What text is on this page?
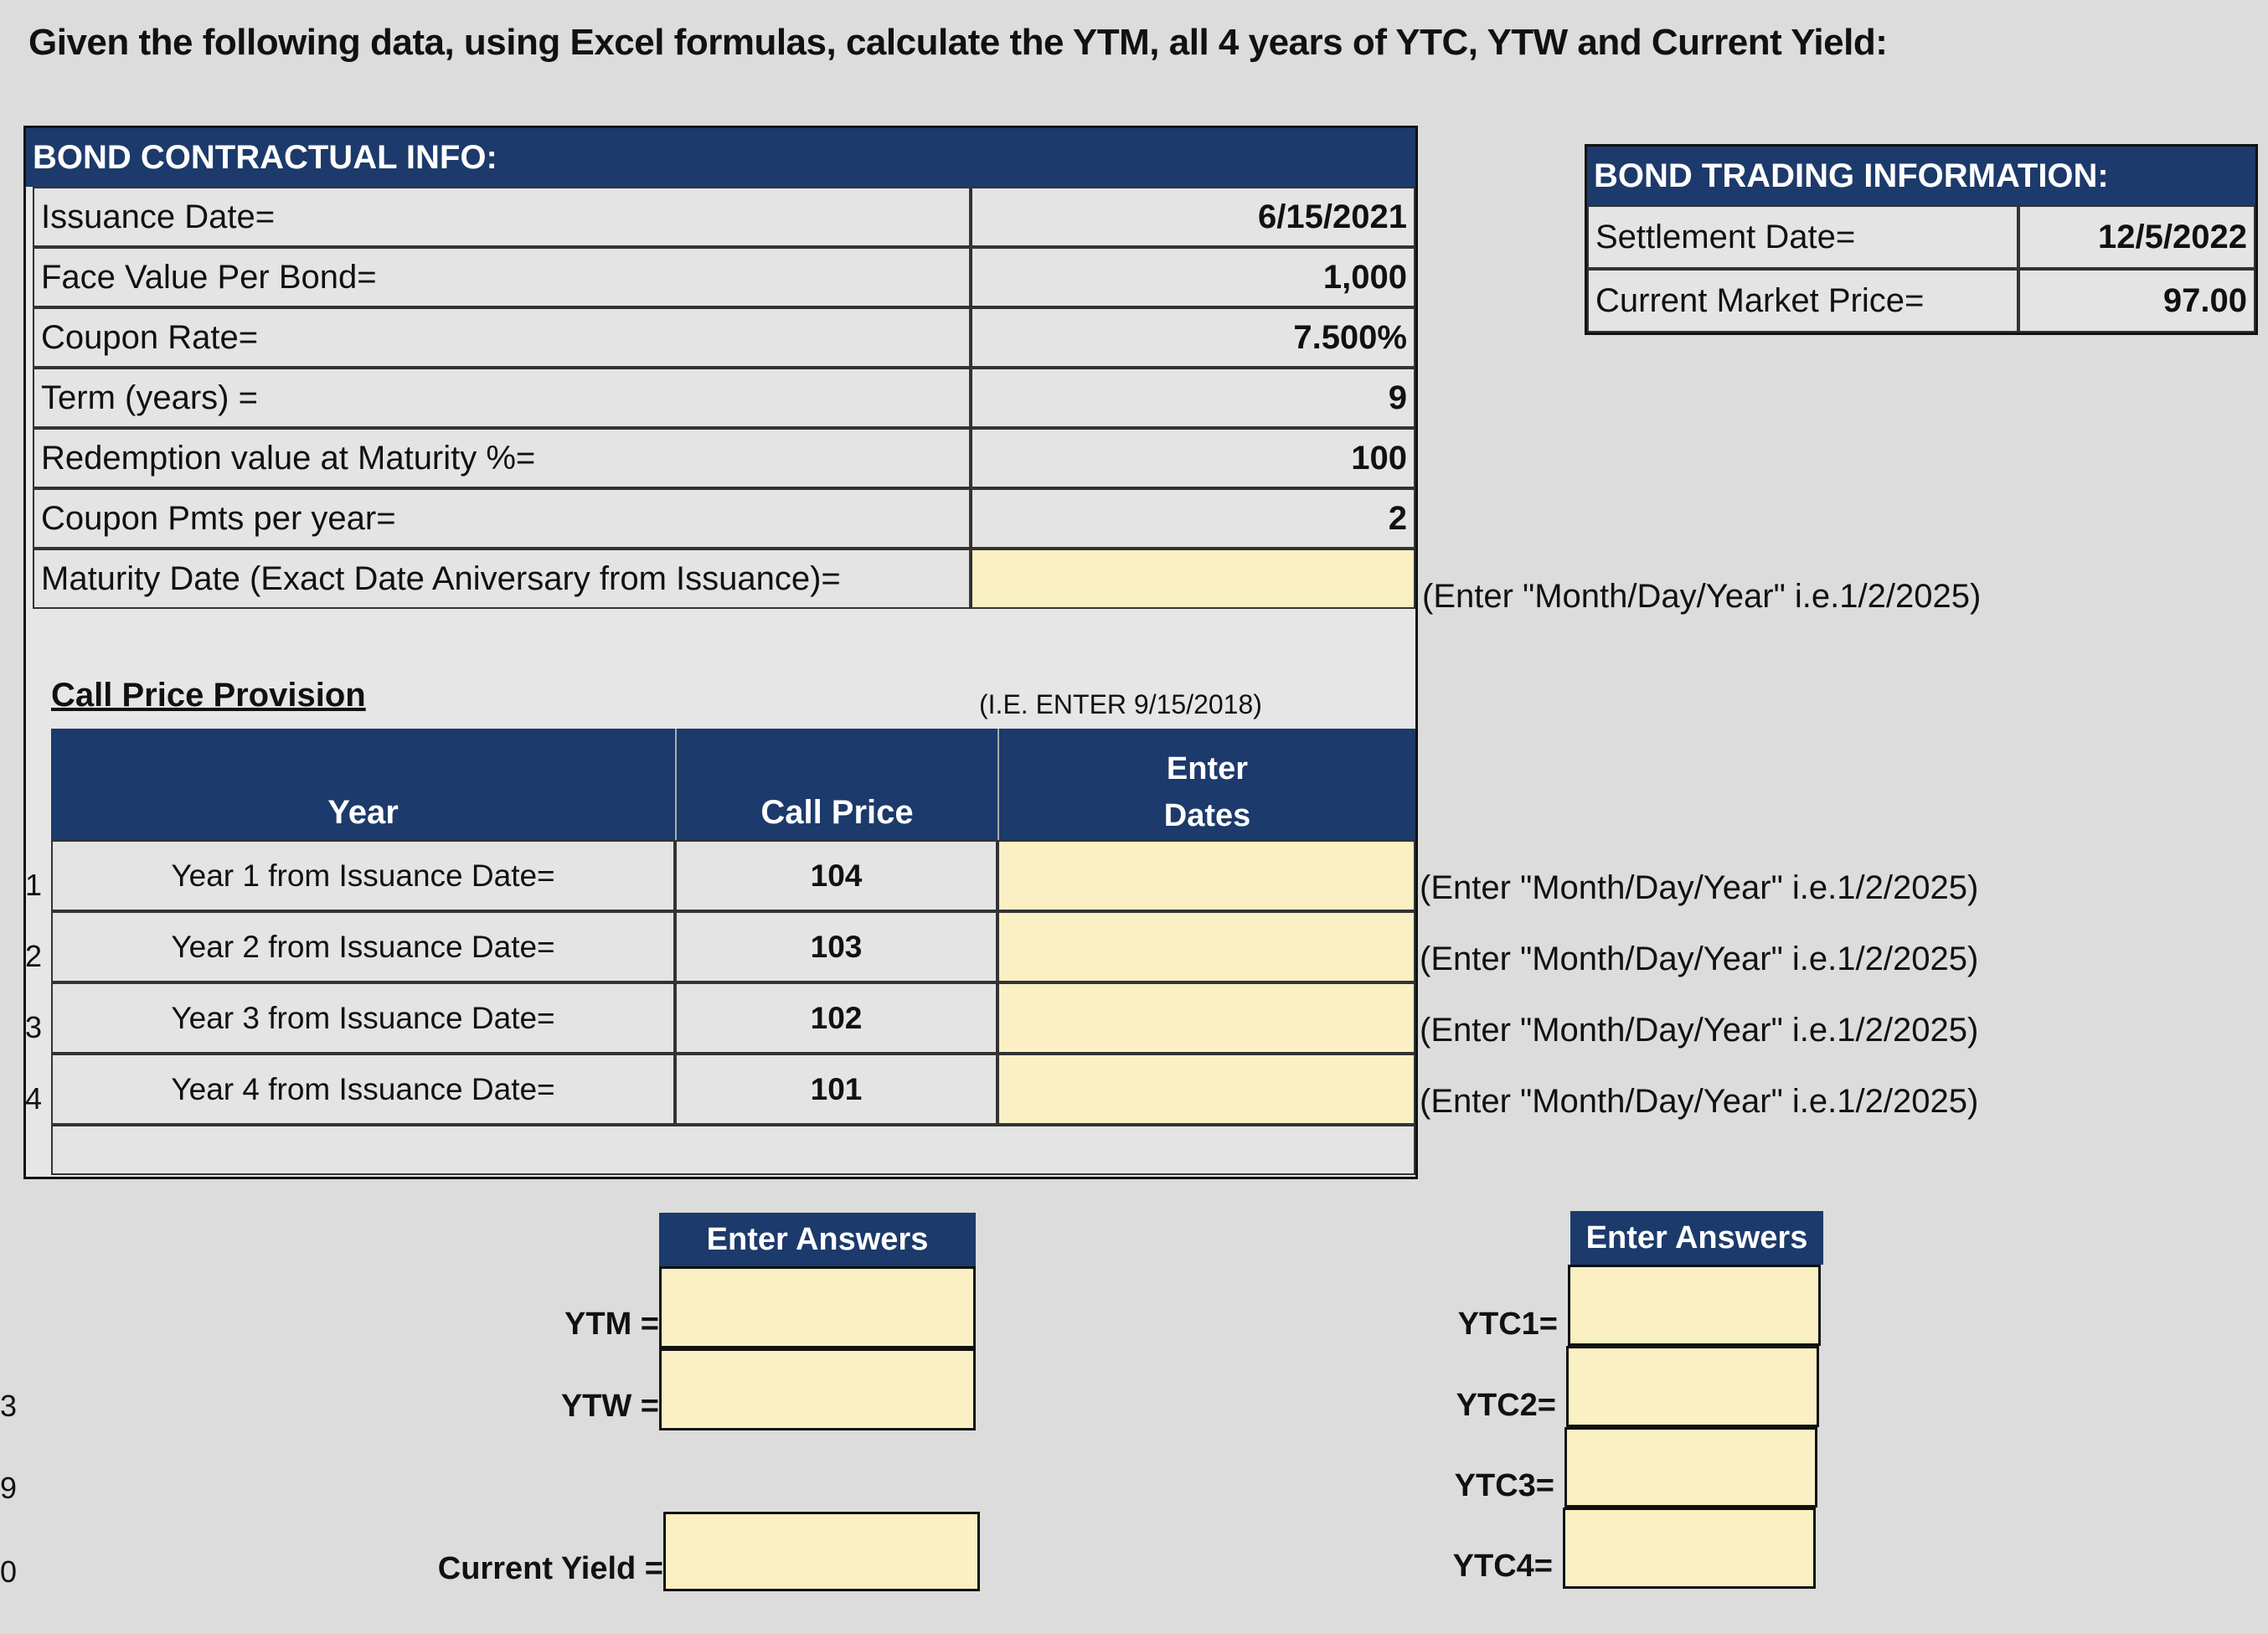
Given the following data, using Excel formulas, calculate the YTM, all 4 years of YTC, YTW and Current Yield:
3
9
0
BOND CONTRACTUAL INFO:
Issuance Date=	6/15/2021
Face Value Per Bond=	1,000
Coupon Rate=	7.500%
Term (years) =	9
Redemption value at Maturity %=	100
Coupon Pmts per year=	2
Maturity Date (Exact Date Aniversary from Issuance)=
Call Price Provision	(I.E. ENTER 9/15/2018)
Year	Call Price
Enter
Dates
Year 1 from Issuance Date=	104
Year 2 from Issuance Date=	103
Year 3 from Issuance Date=	102
Year 4 from Issuance Date=	101
1
2
3
4
(Enter "Month/Day/Year" i.e.1/2/2025)
(Enter "Month/Day/Year" i.e.1/2/2025)
(Enter "Month/Day/Year" i.e.1/2/2025)
(Enter "Month/Day/Year" i.e.1/2/2025)
(Enter "Month/Day/Year" i.e.1/2/2025)
BOND TRADING INFORMATION:
Settlement Date=	12/5/2022
Current Market Price=	97.00
Enter Answers
YTM =
YTW =
Current Yield =
Enter Answers
YTC1=
YTC2=
YTC3=
YTC4=
